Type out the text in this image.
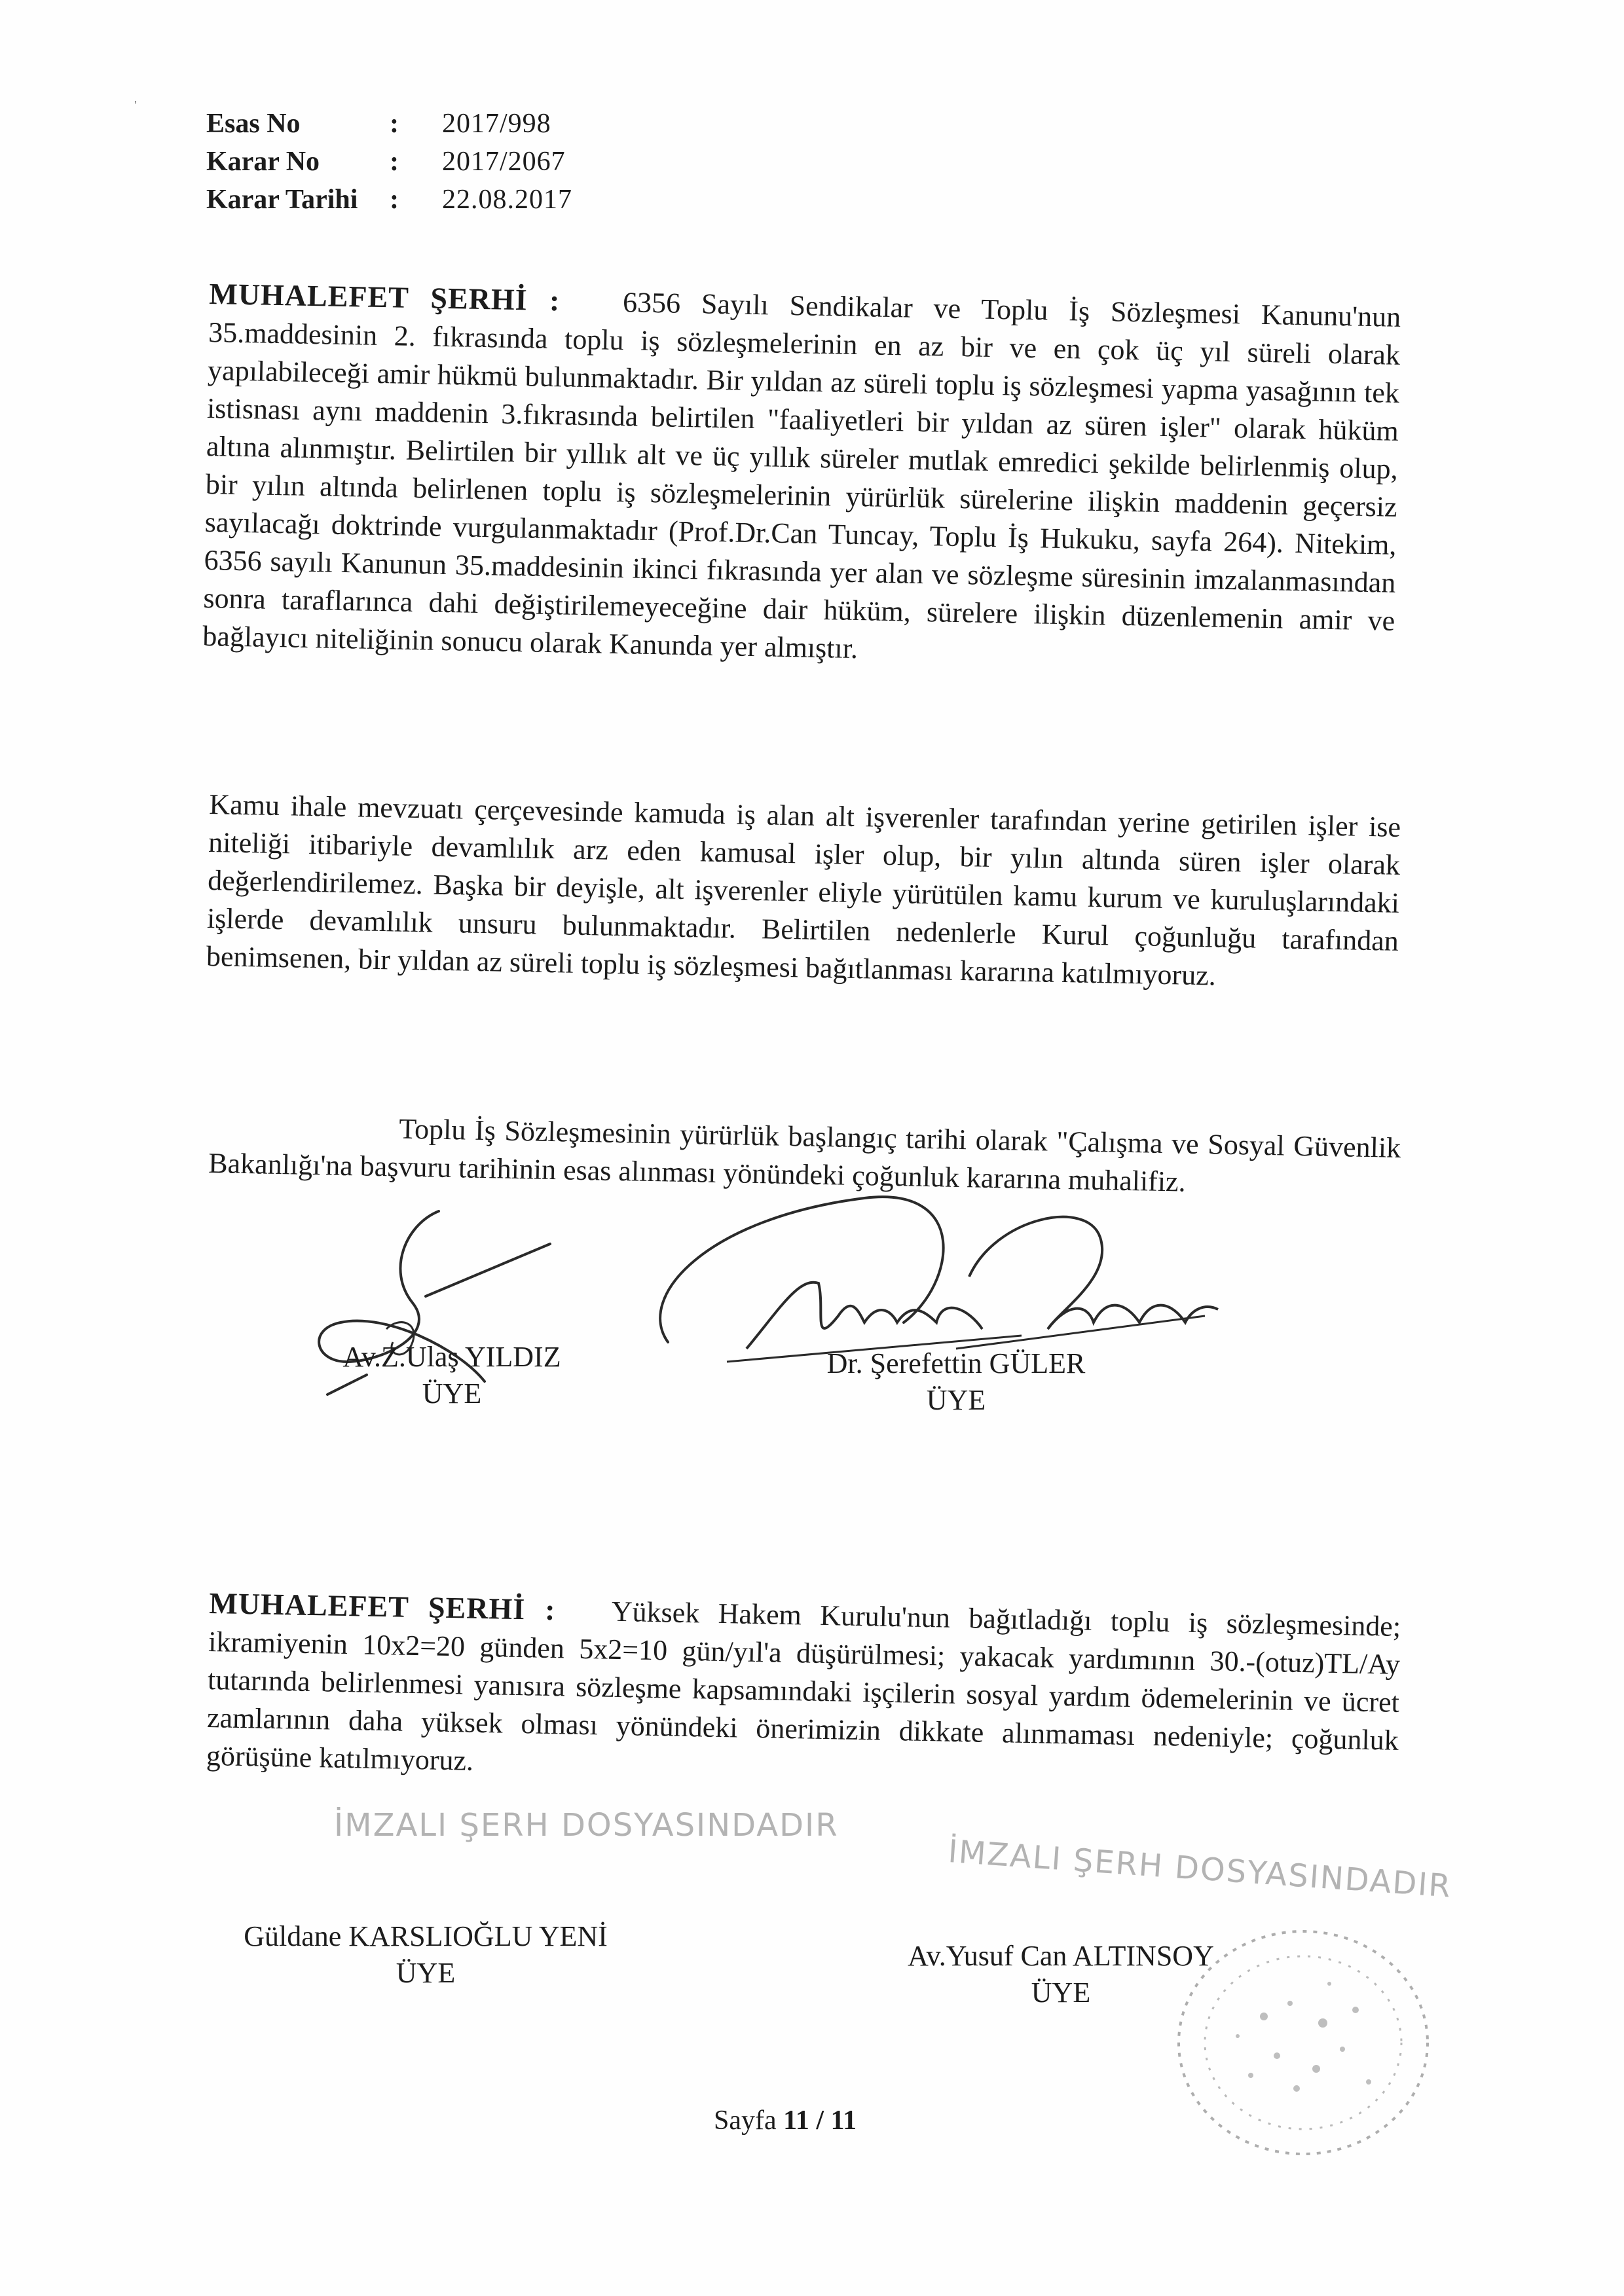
'
Esas No	:	2017/998
Karar No	:	2017/2067
Karar Tarihi	:	22.08.2017
MUHALEFET ŞERHİ : 6356 Sayılı Sendikalar ve Toplu İş Sözleşmesi Kanunu'nun 35.maddesinin 2. fıkrasında toplu iş sözleşmelerinin en az bir ve en çok üç yıl süreli olarak yapılabileceği amir hükmü bulunmaktadır. Bir yıldan az süreli toplu iş sözleşmesi yapma yasağının tek istisnası aynı maddenin 3.fıkrasında belirtilen "faaliyetleri bir yıldan az süren işler" olarak hüküm altına alınmıştır. Belirtilen bir yıllık alt ve üç yıllık süreler mutlak emredici şekilde belirlenmiş olup, bir yılın altında belirlenen toplu iş sözleşmelerinin yürürlük sürelerine ilişkin maddenin geçersiz sayılacağı doktrinde vurgulanmaktadır (Prof.Dr.Can Tuncay, Toplu İş Hukuku, sayfa 264). Nitekim, 6356 sayılı Kanunun 35.maddesinin ikinci fıkrasında yer alan ve sözleşme süresinin imzalanmasından sonra taraflarınca dahi değiştirilemeyeceğine dair hüküm, sürelere ilişkin düzenlemenin amir ve bağlayıcı niteliğinin sonucu olarak Kanunda yer almıştır.
Kamu ihale mevzuatı çerçevesinde kamuda iş alan alt işverenler tarafından yerine getirilen işler ise niteliği itibariyle devamlılık arz eden kamusal işler olup, bir yılın altında süren işler olarak değerlendirilemez. Başka bir deyişle, alt işverenler eliyle yürütülen kamu kurum ve kuruluşlarındaki işlerde devamlılık unsuru bulunmaktadır. Belirtilen nedenlerle Kurul çoğunluğu tarafından benimsenen, bir yıldan az süreli toplu iş sözleşmesi bağıtlanması kararına katılmıyoruz.
Toplu İş Sözleşmesinin yürürlük başlangıç tarihi olarak "Çalışma ve Sosyal Güvenlik Bakanlığı'na başvuru tarihinin esas alınması yönündeki çoğunluk kararına muhalifiz.
Av.Z.Ulaş YILDIZ
ÜYE
Dr. Şerefettin GÜLER
ÜYE
MUHALEFET ŞERHİ : Yüksek Hakem Kurulu'nun bağıtladığı toplu iş sözleşmesinde; ikramiyenin 10x2=20 günden 5x2=10 gün/yıl'a düşürülmesi; yakacak yardımının 30.-(otuz)TL/Ay tutarında belirlenmesi yanısıra sözleşme kapsamındaki işçilerin sosyal yardım ödemelerinin ve ücret zamlarının daha yüksek olması yönündeki önerimizin dikkate alınmaması nedeniyle; çoğunluk görüşüne katılmıyoruz.
İMZALI ŞERH DOSYASINDADIR
İMZALI ŞERH DOSYASINDADIR
Güldane KARSLIOĞLU YENİ
ÜYE
Av.Yusuf Can ALTINSOY
ÜYE
Sayfa 11 / 11
